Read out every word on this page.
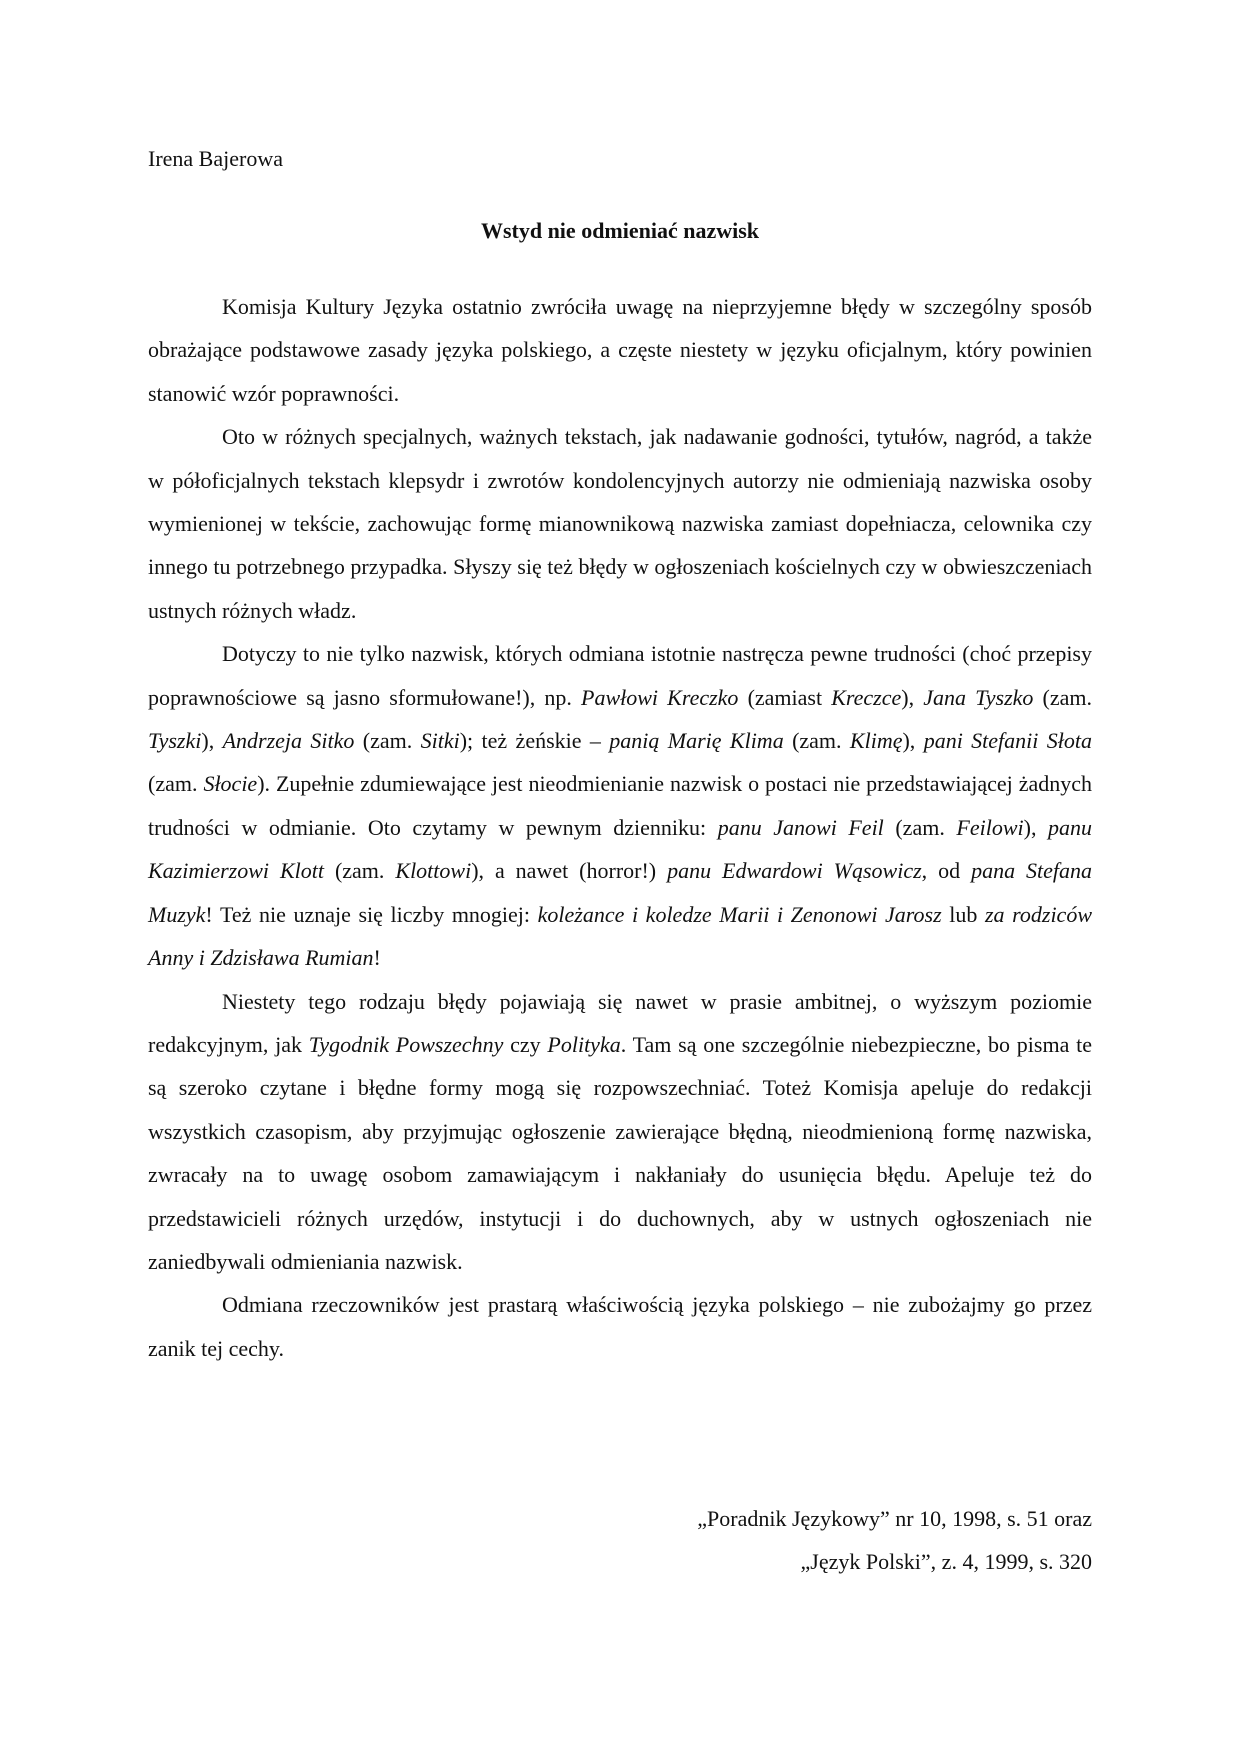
Irena Bajerowa
Wstyd nie odmieniać nazwisk

Komisja Kultury Języka ostatnio zwróciła uwagę na nieprzyjemne błędy w szczególny sposób obrażające podstawowe zasady języka polskiego, a częste niestety w języku oficjalnym, który powinien stanowić wzór poprawności.

Oto w różnych specjalnych, ważnych tekstach, jak nadawanie godności, tytułów, nagród, a także w półoficjalnych tekstach klepsydr i zwrotów kondolencyjnych autorzy nie odmieniają nazwiska osoby wymienionej w tekście, zachowując formę mianownikową nazwiska zamiast dopełniacza, celownika czy innego tu potrzebnego przypadka. Słyszy się też błędy w ogłoszeniach kościelnych czy w obwieszczeniach ustnych różnych władz.

Dotyczy to nie tylko nazwisk, których odmiana istotnie nastręcza pewne trudności (choć przepisy poprawnościowe są jasno sformułowane!), np. Pawłowi Kreczko (zamiast Kreczce), Jana Tyszko (zam. Tyszki), Andrzeja Sitko (zam. Sitki); też żeńskie – panią Marię Klima (zam. Klimę), pani Stefanii Słota (zam. Słocie). Zupełnie zdumiewające jest nieodmienianie nazwisk o postaci nie przedstawiającej żadnych trudności w odmianie. Oto czytamy w pewnym dzienniku: panu Janowi Feil (zam. Feilowi), panu Kazimierzowi Klott (zam. Klottowi), a nawet (horror!) panu Edwardowi Wąsowicz, od pana Stefana Muzyk! Też nie uznaje się liczby mnogiej: koleżance i koledze Marii i Zenonowi Jarosz lub za rodziców Anny i Zdzisława Rumian!

Niestety tego rodzaju błędy pojawiają się nawet w prasie ambitnej, o wyższym poziomie redakcyjnym, jak Tygodnik Powszechny czy Polityka. Tam są one szczególnie niebezpieczne, bo pisma te są szeroko czytane i błędne formy mogą się rozpowszechniać. Toteż Komisja apeluje do redakcji wszystkich czasopism, aby przyjmując ogłoszenie zawierające błędną, nieodmienioną formę nazwiska, zwracały na to uwagę osobom zamawiającym i nakłaniały do usunięcia błędu. Apeluje też do przedstawicieli różnych urzędów, instytucji i do duchownych, aby w ustnych ogłoszeniach nie zaniedbywali odmieniania nazwisk.

Odmiana rzeczowników jest prastarą właściwością języka polskiego – nie zubożajmy go przez zanik tej cechy.

„Poradnik Językowy” nr 10, 1998, s. 51 oraz
„Język Polski”, z. 4, 1999, s. 320
